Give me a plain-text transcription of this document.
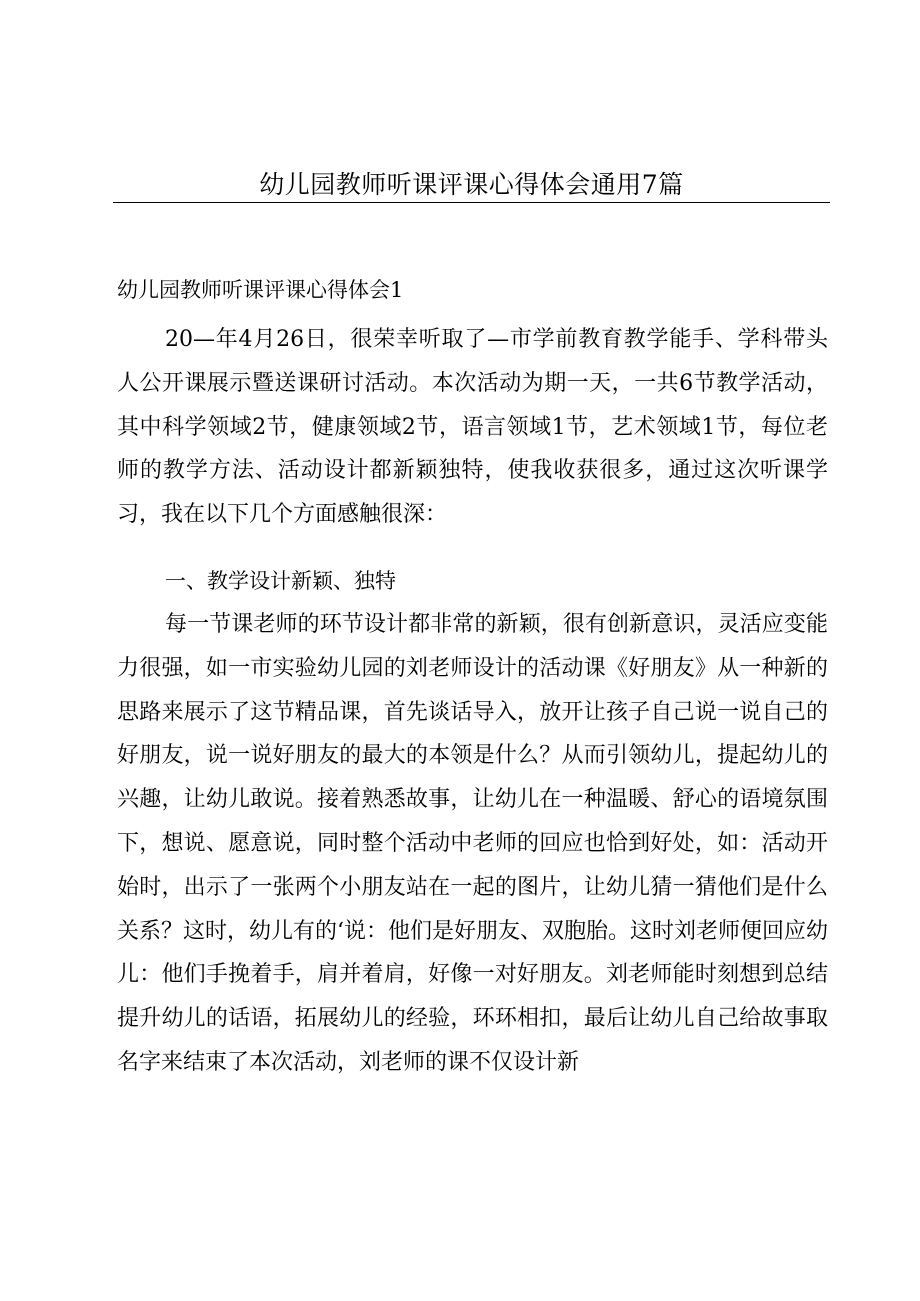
幼儿园教师听课评课心得体会通用7篇
幼儿园教师听课评课心得体会1

20—年4月26日，很荣幸听取了—市学前教育教学能手、学科带头人公开课展示暨送课研讨活动。本次活动为期一天，一共6节教学活动，其中科学领域2节，健康领域2节，语言领域1节，艺术领域1节，每位老师的教学方法、活动设计都新颖独特，使我收获很多，通过这次听课学习，我在以下几个方面感触很深：

一、教学设计新颖、独特

每一节课老师的环节设计都非常的新颖，很有创新意识，灵活应变能力很强，如一市实验幼儿园的刘老师设计的活动课《好朋友》从一种新的思路来展示了这节精品课，首先谈话导入，放开让孩子自己说一说自己的好朋友，说一说好朋友的最大的本领是什么？从而引领幼儿，提起幼儿的兴趣，让幼儿敢说。接着熟悉故事，让幼儿在一种温暖、舒心的语境氛围下，想说、愿意说，同时整个活动中老师的回应也恰到好处，如：活动开始时，出示了一张两个小朋友站在一起的图片，让幼儿猜一猜他们是什么关系？这时，幼儿有的‘说：他们是好朋友、双胞胎。这时刘老师便回应幼儿：他们手挽着手，肩并着肩，好像一对好朋友。刘老师能时刻想到总结提升幼儿的话语，拓展幼儿的经验，环环相扣，最后让幼儿自己给故事取名字来结束了本次活动，刘老师的课不仅设计新
